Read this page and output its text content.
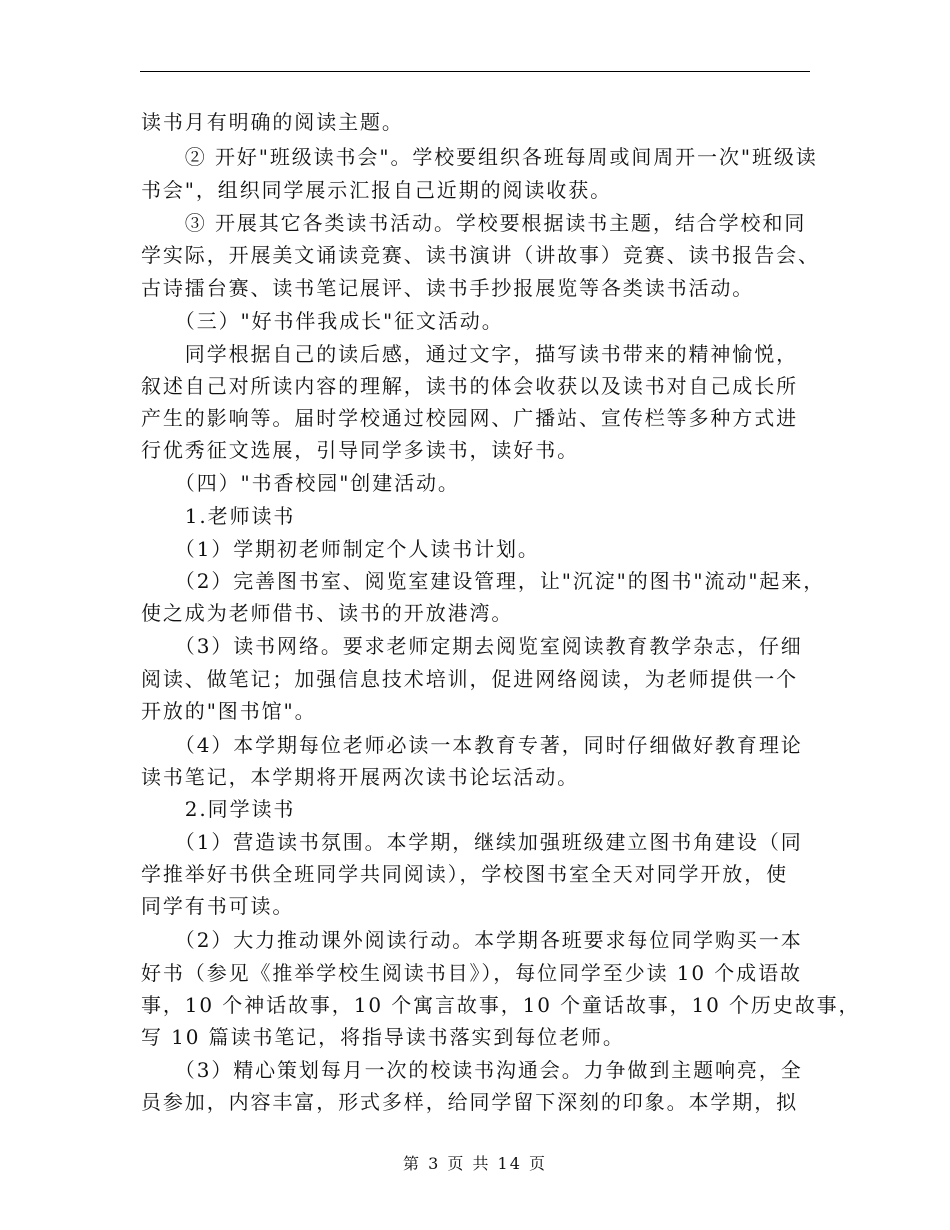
读书月有明确的阅读主题。
　　② 开好"班级读书会"。学校要组织各班每周或间周开一次"班级读
书会"，组织同学展示汇报自己近期的阅读收获。
　　③ 开展其它各类读书活动。学校要根据读书主题，结合学校和同
学实际，开展美文诵读竞赛、读书演讲（讲故事）竞赛、读书报告会、
古诗擂台赛、读书笔记展评、读书手抄报展览等各类读书活动。
　　（三）"好书伴我成长"征文活动。
　　同学根据自己的读后感，通过文字，描写读书带来的精神愉悦，
叙述自己对所读内容的理解，读书的体会收获以及读书对自己成长所
产生的影响等。届时学校通过校园网、广播站、宣传栏等多种方式进
行优秀征文选展，引导同学多读书，读好书。
　　（四）"书香校园"创建活动。
　　1.老师读书
　　（1）学期初老师制定个人读书计划。
　　（2）完善图书室、阅览室建设管理，让"沉淀"的图书"流动"起来，
使之成为老师借书、读书的开放港湾。
　　（3）读书网络。要求老师定期去阅览室阅读教育教学杂志，仔细
阅读、做笔记；加强信息技术培训，促进网络阅读，为老师提供一个
开放的"图书馆"。
　　（4）本学期每位老师必读一本教育专著，同时仔细做好教育理论
读书笔记，本学期将开展两次读书论坛活动。
　　2.同学读书
　　（1）营造读书氛围。本学期，继续加强班级建立图书角建设（同
学推举好书供全班同学共同阅读），学校图书室全天对同学开放，使
同学有书可读。
　　（2）大力推动课外阅读行动。本学期各班要求每位同学购买一本
好书（参见《推举学校生阅读书目》），每位同学至少读 10 个成语故
事，10 个神话故事，10 个寓言故事，10 个童话故事，10 个历史故事，
写 10 篇读书笔记，将指导读书落实到每位老师。
　　（3）精心策划每月一次的校读书沟通会。力争做到主题响亮，全
员参加，内容丰富，形式多样，给同学留下深刻的印象。本学期，拟
第 3 页 共 14 页
